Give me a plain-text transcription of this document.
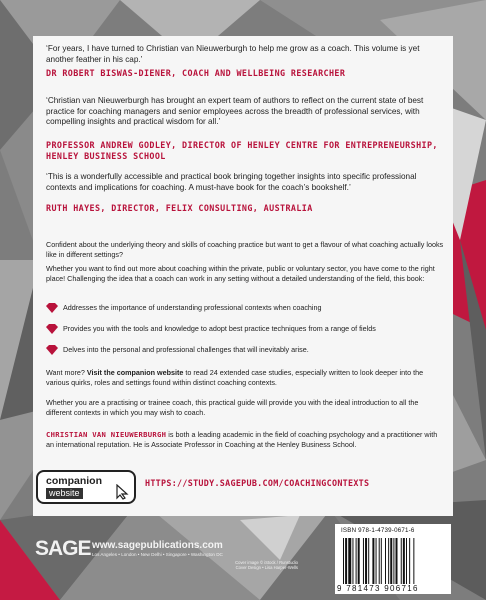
‘For years, I have turned to Christian van Nieuwerburgh to help me grow as a coach. This volume is yet another feather in his cap.’
DR ROBERT BISWAS-DIENER, COACH AND WELLBEING RESEARCHER
‘Christian van Nieuwerburgh has brought an expert team of authors to reflect on the current state of best practice for coaching managers and senior employees across the breadth of professional services, with compelling insights and practical wisdom for all.’
PROFESSOR ANDREW GODLEY, DIRECTOR OF HENLEY CENTRE FOR ENTREPRENEURSHIP, HENLEY BUSINESS SCHOOL
‘This is a wonderfully accessible and practical book bringing together insights into specific professional contexts and implications for coaching. A must-have book for the coach’s bookshelf.’
RUTH HAYES, DIRECTOR, FELIX CONSULTING, AUSTRALIA
Confident about the underlying theory and skills of coaching practice but want to get a flavour of what coaching actually looks like in different settings?
Whether you want to find out more about coaching within the private, public or voluntary sector, you have come to the right place! Challenging the idea that a coach can work in any setting without a detailed understanding of the field, this book:
Addresses the importance of understanding professional contexts when coaching
Provides you with the tools and knowledge to adopt best practice techniques from a range of fields
Delves into the personal and professional challenges that will inevitably arise.
Want more? Visit the companion website to read 24 extended case studies, especially written to look deeper into the various quirks, roles and settings found within distinct coaching contexts.
Whether you are a practising or trainee coach, this practical guide will provide you with the ideal introduction to all the different contexts in which you may wish to coach.
CHRISTIAN VAN NIEUWERBURGH is both a leading academic in the field of coaching psychology and a practitioner with an international reputation. He is Associate Professor in Coaching at the Henley Business School.
companion
website
HTTPS://STUDY.SAGEPUB.COM/COACHINGCONTEXTS
SAGE www.sagepublications.com
Los Angeles • London • New Delhi • Singapore • Washington DC
Cover image © iStock / Runstudio
Cover Design • Lisa Harper-Wells
ISBN 978-1-4739-0671-6
9 781473 906716
